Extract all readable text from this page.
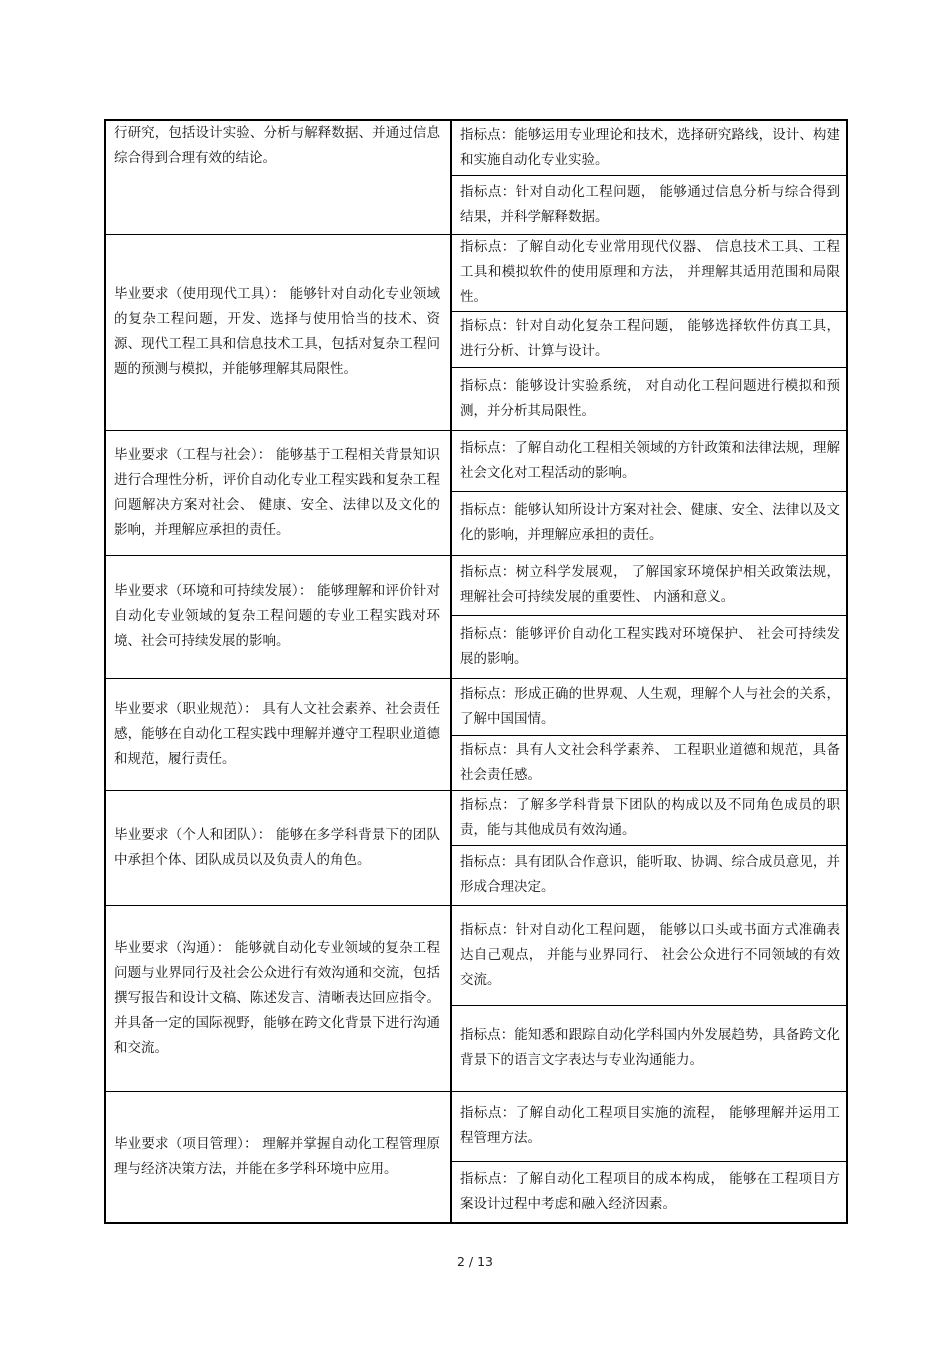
行研究，包括设计实验、分析与解释数据、并通过信息综合得到合理有效的结论。	指标点：能够运用专业理论和技术，选择研究路线，设计、构建和实施自动化专业实验。

	指标点：针对自动化工程问题， 能够通过信息分析与综合得到结果，并科学解释数据。

毕业要求（使用现代工具）： 能够针对自动化专业领域的复杂工程问题，开发、选择与使用恰当的技术、资源、现代工程工具和信息技术工具，包括对复杂工程问题的预测与模拟，并能够理解其局限性。	指标点：了解自动化专业常用现代仪器、 信息技术工具、工程工具和模拟软件的使用原理和方法， 并理解其适用范围和局限性。

	指标点：针对自动化复杂工程问题， 能够选择软件仿真工具，进行分析、计算与设计。

	指标点：能够设计实验系统， 对自动化工程问题进行模拟和预测，并分析其局限性。

毕业要求（工程与社会）： 能够基于工程相关背景知识进行合理性分析，评价自动化专业工程实践和复杂工程问题解决方案对社会、 健康、安全、法律以及文化的影响，并理解应承担的责任。	指标点：了解自动化工程相关领域的方针政策和法律法规，理解社会文化对工程活动的影响。

	指标点：能够认知所设计方案对社会、健康、安全、法律以及文化的影响，并理解应承担的责任。

毕业要求（环境和可持续发展）： 能够理解和评价针对自动化专业领域的复杂工程问题的专业工程实践对环境、社会可持续发展的影响。	指标点：树立科学发展观， 了解国家环境保护相关政策法规，理解社会可持续发展的重要性、 内涵和意义。

	指标点：能够评价自动化工程实践对环境保护、 社会可持续发展的影响。

毕业要求（职业规范）： 具有人文社会素养、社会责任感，能够在自动化工程实践中理解并遵守工程职业道德和规范，履行责任。	指标点：形成正确的世界观、人生观，理解个人与社会的关系，了解中国国情。

	指标点：具有人文社会科学素养、 工程职业道德和规范，具备社会责任感。

毕业要求（个人和团队）： 能够在多学科背景下的团队中承担个体、团队成员以及负责人的角色。	指标点：了解多学科背景下团队的构成以及不同角色成员的职责，能与其他成员有效沟通。

	指标点：具有团队合作意识，能听取、协调、综合成员意见，并形成合理决定。

毕业要求（沟通）： 能够就自动化专业领域的复杂工程问题与业界同行及社会公众进行有效沟通和交流，包括撰写报告和设计文稿、陈述发言、清晰表达回应指令。并具备一定的国际视野，能够在跨文化背景下进行沟通和交流。	指标点：针对自动化工程问题， 能够以口头或书面方式准确表达自己观点， 并能与业界同行、 社会公众进行不同领域的有效交流。

	指标点：能知悉和跟踪自动化学科国内外发展趋势，具备跨文化背景下的语言文字表达与专业沟通能力。

毕业要求（项目管理）： 理解并掌握自动化工程管理原理与经济决策方法，并能在多学科环境中应用。	指标点：了解自动化工程项目实施的流程， 能够理解并运用工程管理方法。

	指标点：了解自动化工程项目的成本构成， 能够在工程项目方案设计过程中考虑和融入经济因素。
2 / 13
